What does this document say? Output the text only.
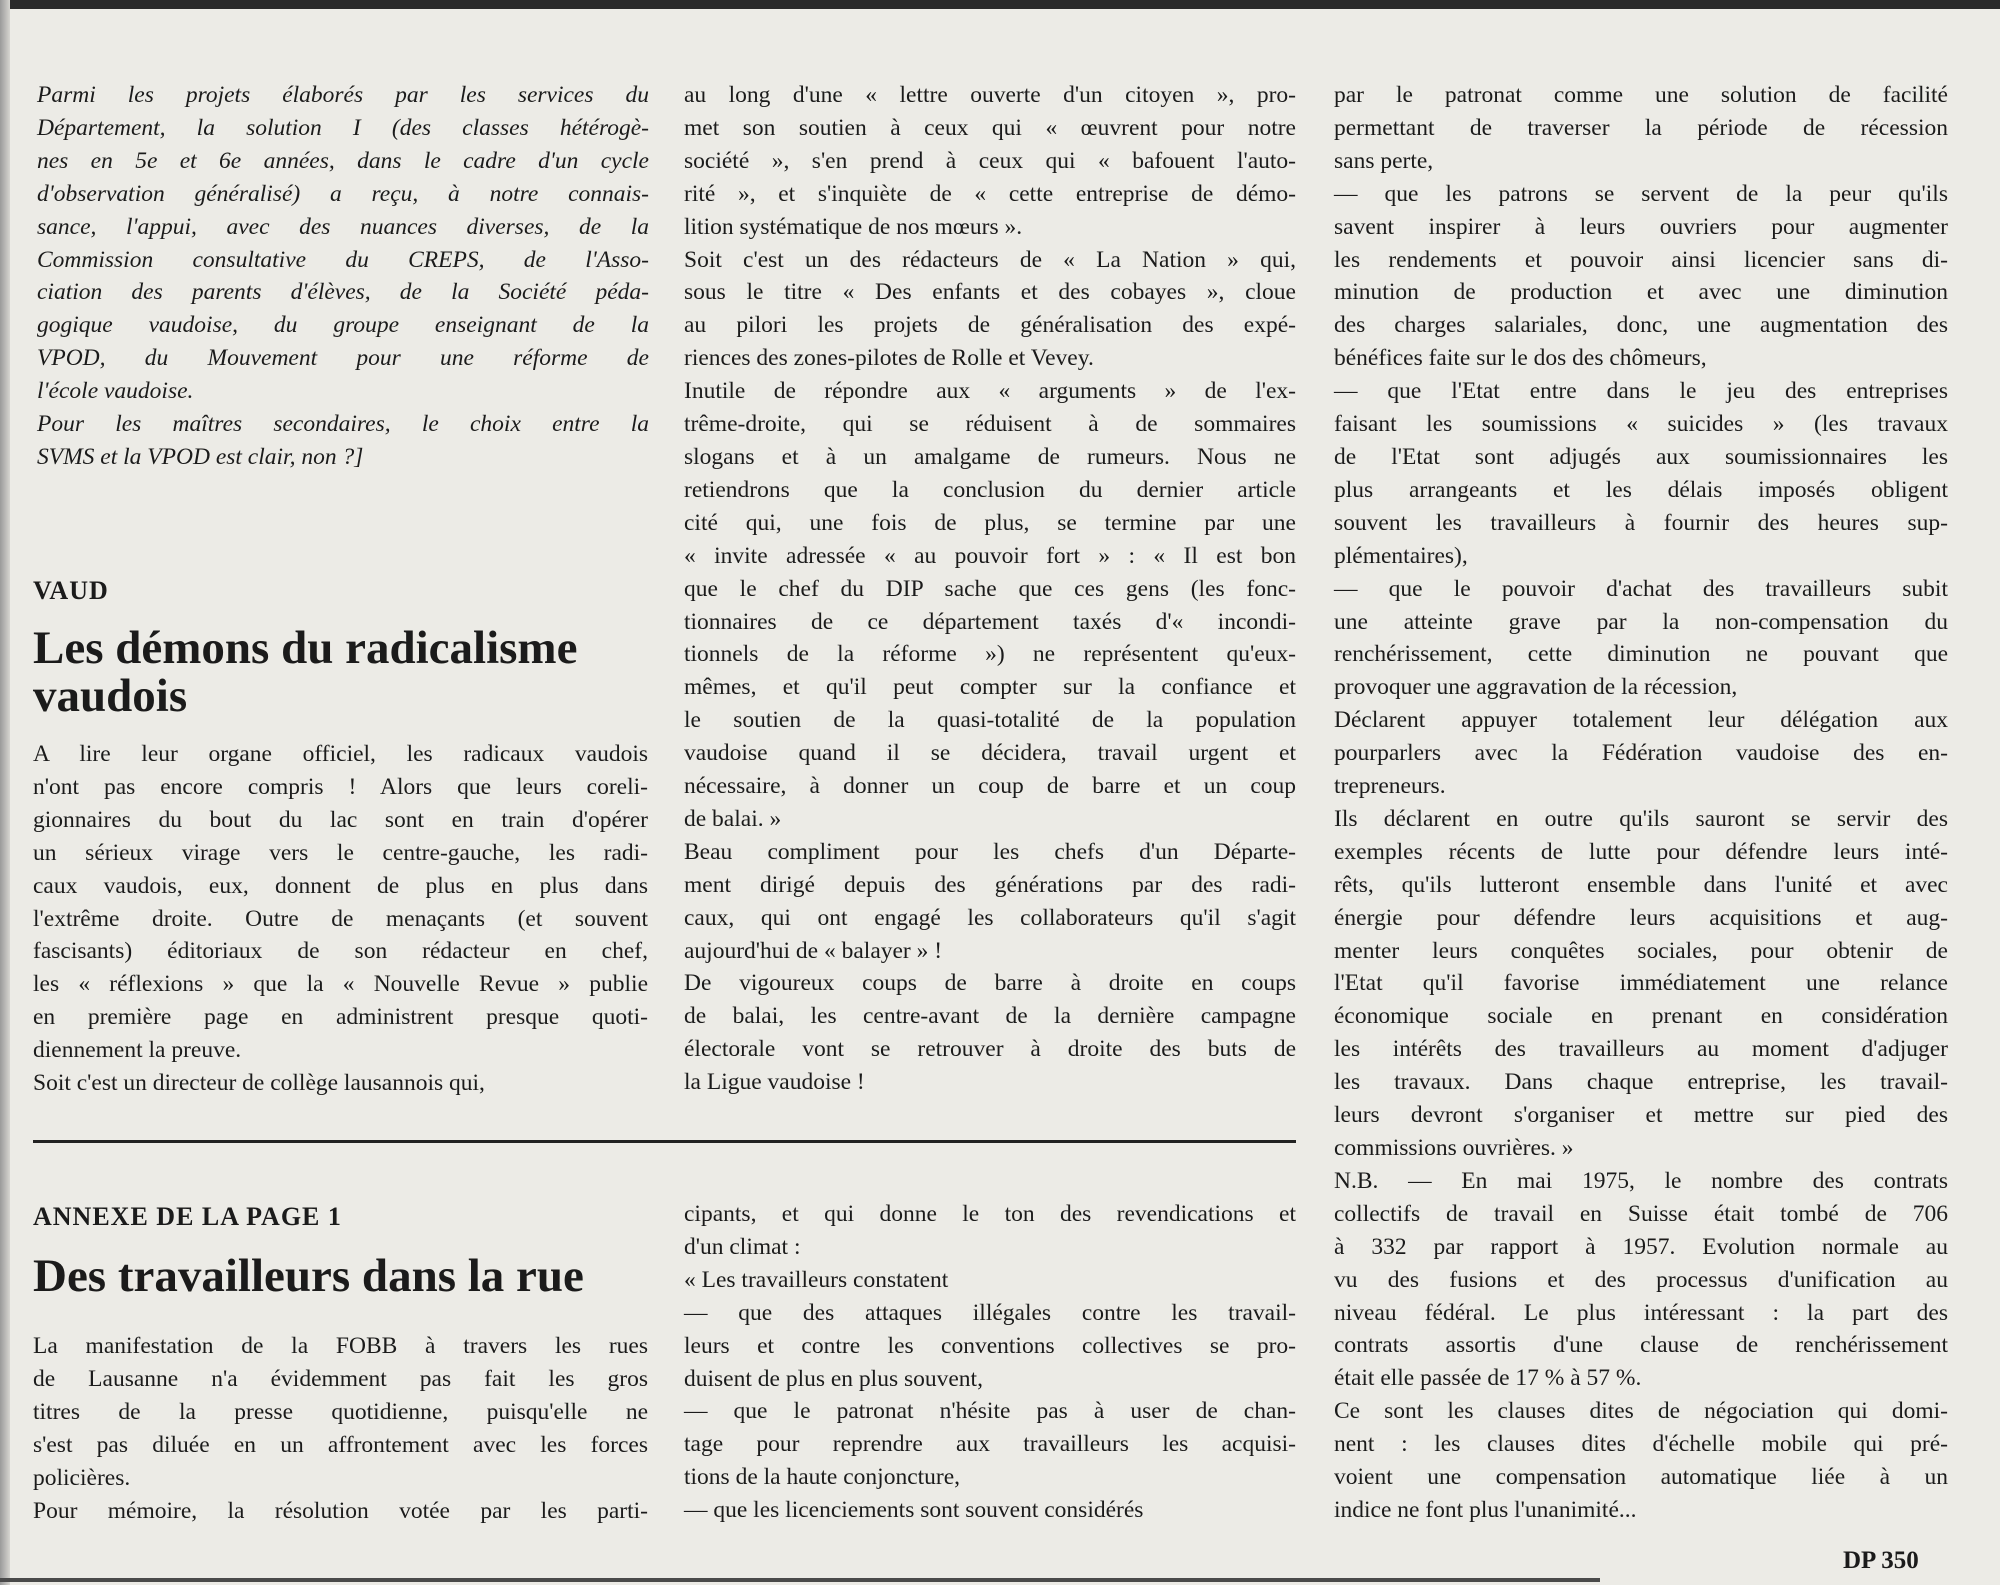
Parmi les projets élaborés par les services du

Département, la solution I (des classes hétérogè-

nes en 5e et 6e années, dans le cadre d'un cycle

d'observation généralisé) a reçu, à notre connais-

sance, l'appui, avec des nuances diverses, de la

Commission consultative du CREPS, de l'Asso-

ciation des parents d'élèves, de la Société péda-

gogique vaudoise, du groupe enseignant de la

VPOD, du Mouvement pour une réforme de

l'école vaudoise.

Pour les maîtres secondaires, le choix entre la

SVMS et la VPOD est clair, non ?]

VAUD
Les démons du radicalisme
vaudois

A lire leur organe officiel, les radicaux vaudois

n'ont pas encore compris ! Alors que leurs coreli-

gionnaires du bout du lac sont en train d'opérer

un sérieux virage vers le centre-gauche, les radi-

caux vaudois, eux, donnent de plus en plus dans

l'extrême droite. Outre de menaçants (et souvent

fascisants) éditoriaux de son rédacteur en chef,

les « réflexions » que la « Nouvelle Revue » publie

en première page en administrent presque quoti-

diennement la preuve.

Soit c'est un directeur de collège lausannois qui,

au long d'une « lettre ouverte d'un citoyen », pro-

met son soutien à ceux qui « œuvrent pour notre

société », s'en prend à ceux qui « bafouent l'auto-

rité », et s'inquiète de « cette entreprise de démo-

lition systématique de nos mœurs ».

Soit c'est un des rédacteurs de « La Nation » qui,

sous le titre « Des enfants et des cobayes », cloue

au pilori les projets de généralisation des expé-

riences des zones-pilotes de Rolle et Vevey.

Inutile de répondre aux « arguments » de l'ex-

trême-droite, qui se réduisent à de sommaires

slogans et à un amalgame de rumeurs. Nous ne

retiendrons que la conclusion du dernier article

cité qui, une fois de plus, se termine par une

« invite adressée « au pouvoir fort » : « Il est bon

que le chef du DIP sache que ces gens (les fonc-

tionnaires de ce département taxés d'« incondi-

tionnels de la réforme ») ne représentent qu'eux-

mêmes, et qu'il peut compter sur la confiance et

le soutien de la quasi-totalité de la population

vaudoise quand il se décidera, travail urgent et

nécessaire, à donner un coup de barre et un coup

de balai. »

Beau compliment pour les chefs d'un Départe-

ment dirigé depuis des générations par des radi-

caux, qui ont engagé les collaborateurs qu'il s'agit

aujourd'hui de « balayer » !

De vigoureux coups de barre à droite en coups

de balai, les centre-avant de la dernière campagne

électorale vont se retrouver à droite des buts de

la Ligue vaudoise !

ANNEXE DE LA PAGE 1
Des travailleurs dans la rue

La manifestation de la FOBB à travers les rues

de Lausanne n'a évidemment pas fait les gros

titres de la presse quotidienne, puisqu'elle ne

s'est pas diluée en un affrontement avec les forces

policières.

Pour mémoire, la résolution votée par les parti-

cipants, et qui donne le ton des revendications et

d'un climat :

« Les travailleurs constatent

— que des attaques illégales contre les travail-

leurs et contre les conventions collectives se pro-

duisent de plus en plus souvent,

— que le patronat n'hésite pas à user de chan-

tage pour reprendre aux travailleurs les acquisi-

tions de la haute conjoncture,

— que les licenciements sont souvent considérés

par le patronat comme une solution de facilité

permettant de traverser la période de récession

sans perte,

— que les patrons se servent de la peur qu'ils

savent inspirer à leurs ouvriers pour augmenter

les rendements et pouvoir ainsi licencier sans di-

minution de production et avec une diminution

des charges salariales, donc, une augmentation des

bénéfices faite sur le dos des chômeurs,

— que l'Etat entre dans le jeu des entreprises

faisant les soumissions « suicides » (les travaux

de l'Etat sont adjugés aux soumissionnaires les

plus arrangeants et les délais imposés obligent

souvent les travailleurs à fournir des heures sup-

plémentaires),

— que le pouvoir d'achat des travailleurs subit

une atteinte grave par la non-compensation du

renchérissement, cette diminution ne pouvant que

provoquer une aggravation de la récession,

Déclarent appuyer totalement leur délégation aux

pourparlers avec la Fédération vaudoise des en-

trepreneurs.

Ils déclarent en outre qu'ils sauront se servir des

exemples récents de lutte pour défendre leurs inté-

rêts, qu'ils lutteront ensemble dans l'unité et avec

énergie pour défendre leurs acquisitions et aug-

menter leurs conquêtes sociales, pour obtenir de

l'Etat qu'il favorise immédiatement une relance

économique sociale en prenant en considération

les intérêts des travailleurs au moment d'adjuger

les travaux. Dans chaque entreprise, les travail-

leurs devront s'organiser et mettre sur pied des

commissions ouvrières. »

N.B. — En mai 1975, le nombre des contrats

collectifs de travail en Suisse était tombé de 706

à 332 par rapport à 1957. Evolution normale au

vu des fusions et des processus d'unification au

niveau fédéral. Le plus intéressant : la part des

contrats assortis d'une clause de renchérissement

était elle passée de 17 % à 57 %.

Ce sont les clauses dites de négociation qui domi-

nent : les clauses dites d'échelle mobile qui pré-

voient une compensation automatique liée à un

indice ne font plus l'unanimité...

DP 350
